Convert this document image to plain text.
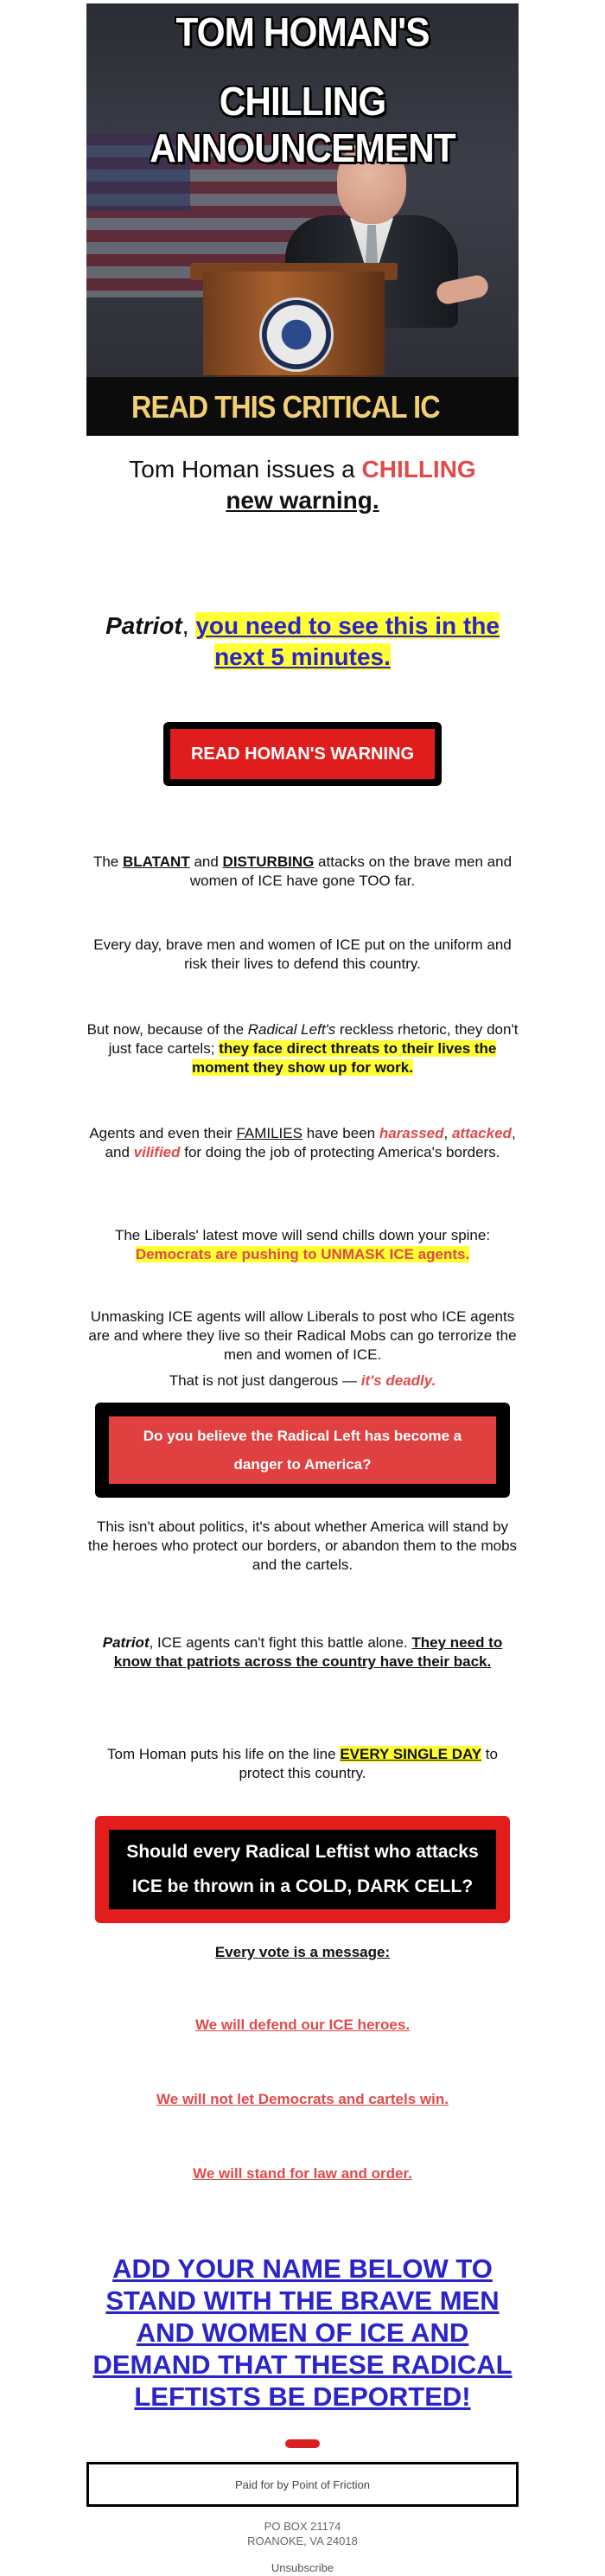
TOM HOMAN'S
CHILLING ANNOUNCEMENT
READ THIS CRITICAL IC
Tom Homan issues a CHILLING
new warning.
Patriot, you need to see this in the next 5 minutes.
READ HOMAN'S WARNING
The BLATANT and DISTURBING attacks on the brave men and women of ICE have gone TOO far.
Every day, brave men and women of ICE put on the uniform and risk their lives to defend this country.
But now, because of the Radical Left's reckless rhetoric, they don't just face cartels; they face direct threats to their lives the moment they show up for work.
Agents and even their FAMILIES have been harassed, attacked, and vilified for doing the job of protecting America's borders.
The Liberals' latest move will send chills down your spine: Democrats are pushing to UNMASK ICE agents.
Unmasking ICE agents will allow Liberals to post who ICE agents are and where they live so their Radical Mobs can go terrorize the men and women of ICE.
That is not just dangerous — it's deadly.
Do you believe the Radical Left has become a danger to America?
This isn't about politics, it's about whether America will stand by the heroes who protect our borders, or abandon them to the mobs and the cartels.
Patriot, ICE agents can't fight this battle alone. They need to know that patriots across the country have their back.
Tom Homan puts his life on the line EVERY SINGLE DAY to protect this country.
Should every Radical Leftist who attacks ICE be thrown in a COLD, DARK CELL?
Every vote is a message:
We will defend our ICE heroes.
We will not let Democrats and cartels win.
We will stand for law and order.
ADD YOUR NAME BELOW TO STAND WITH THE BRAVE MEN AND WOMEN OF ICE AND DEMAND THAT THESE RADICAL LEFTISTS BE DEPORTED!
Paid for by Point of Friction
PO BOX 21174
ROANOKE, VA 24018
Unsubscribe
